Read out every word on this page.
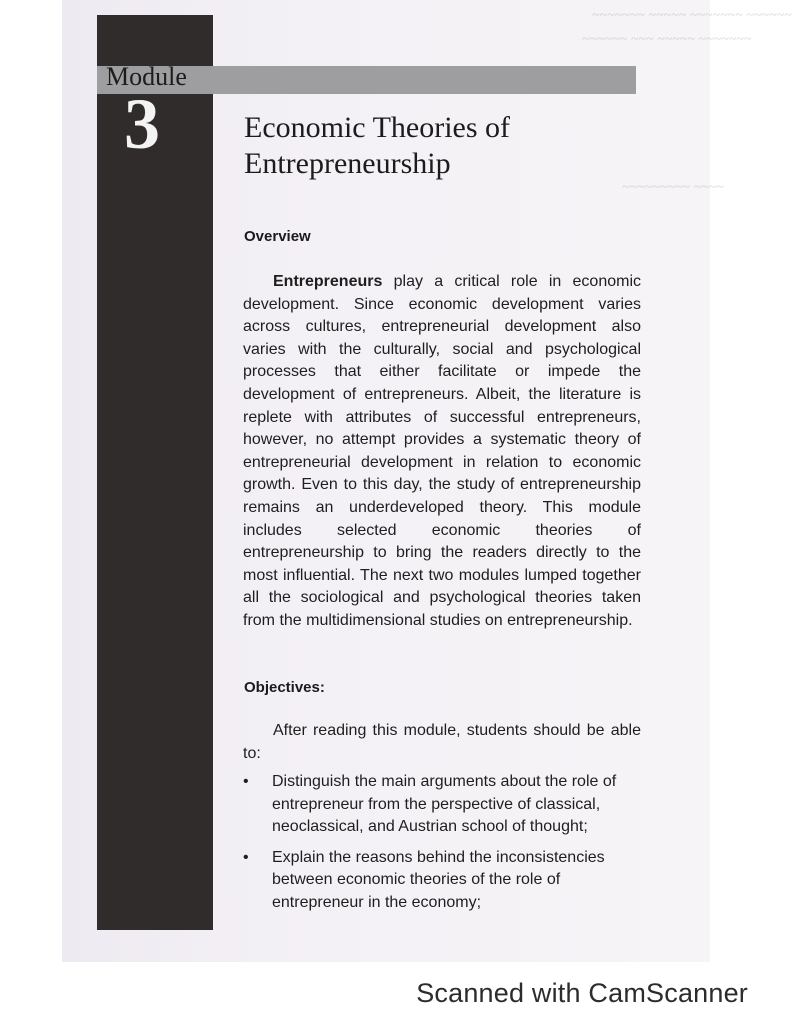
~~~~~~~ ~~~~~ ~~~~~~~ ~~~~~~
~~~~~~ ~~~ ~~~~~ ~~~~~~~
~~~~~~~~~ ~~~~
Module
3	Economic Theories of
Entrepreneurship
Overview

Entrepreneurs play a critical role in economic development. Since economic development varies across cultures, entrepreneurial development also varies with the culturally, social and psychological processes that either facilitate or impede the development of entrepreneurs. Albeit, the literature is replete with attributes of successful entrepreneurs, however, no attempt provides a systematic theory of entrepreneurial development in relation to economic growth. Even to this day, the study of entrepreneurship remains an underdeveloped theory. This module includes selected economic theories of entrepreneurship to bring the readers directly to the most influential. The next two modules lumped together all the sociological and psychological theories taken from the multidimensional studies on entrepreneurship.

Objectives:

After reading this module, students should be able to:

• Distinguish the main arguments about the role of entrepreneur from the perspective of classical, neoclassical, and Austrian school of thought;
• Explain the reasons behind the inconsistencies between economic theories of the role of entrepreneur in the economy;
Scanned with CamScanner
